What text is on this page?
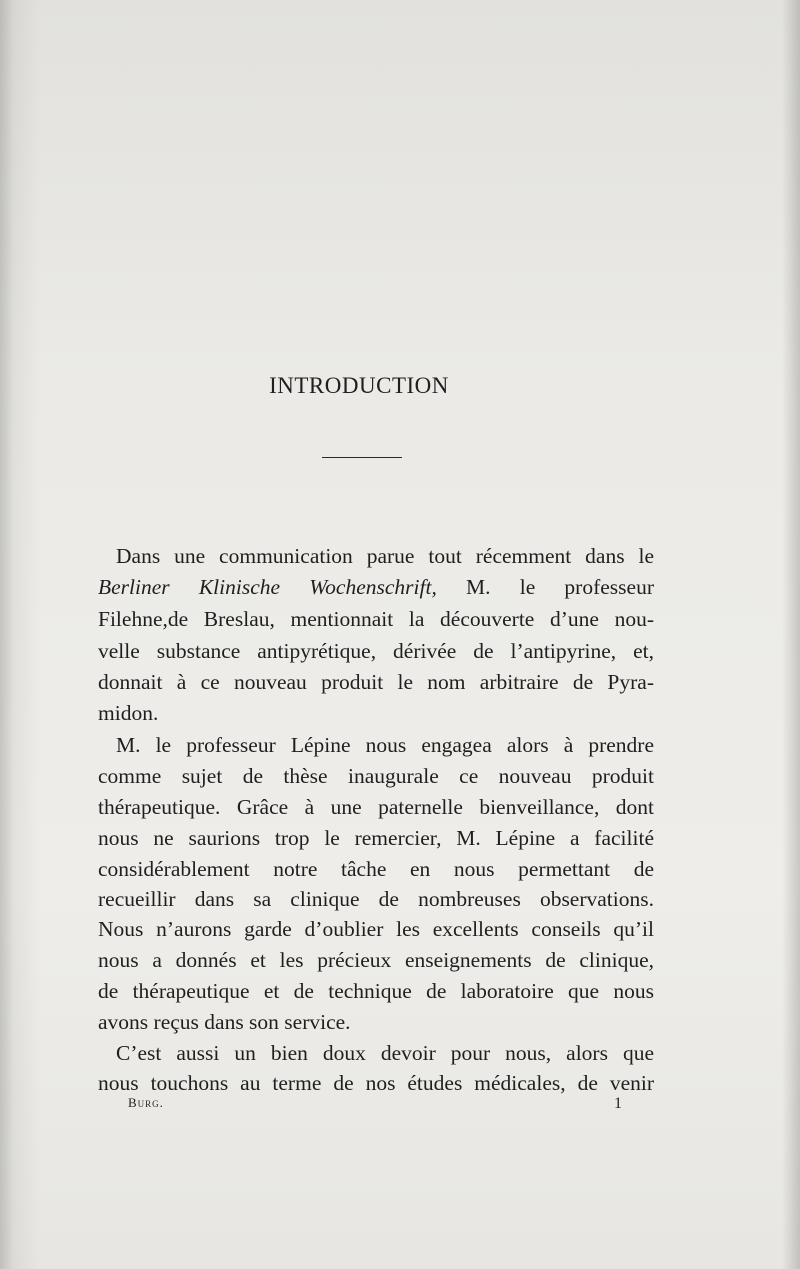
INTRODUCTION
Dans une communication parue tout récemment dans le
Berliner Klinische Wochenschrift, M. le professeur
Filehne,de Breslau, mentionnait la découverte d’une nou-
velle substance antipyrétique, dérivée de l’antipyrine, et,
donnait à ce nouveau produit le nom arbitraire de Pyra-
midon.
M. le professeur Lépine nous engagea alors à prendre
comme sujet de thèse inaugurale ce nouveau produit
thérapeutique. Grâce à une paternelle bienveillance, dont
nous ne saurions trop le remercier, M. Lépine a facilité
considérablement notre tâche en nous permettant de
recueillir dans sa clinique de nombreuses observations.
Nous n’aurons garde d’oublier les excellents conseils qu’il
nous a donnés et les précieux enseignements de clinique,
de thérapeutique et de technique de laboratoire que nous
avons reçus dans son service.
C’est aussi un bien doux devoir pour nous, alors que
nous touchons au terme de nos études médicales, de venir
Burg.	1
